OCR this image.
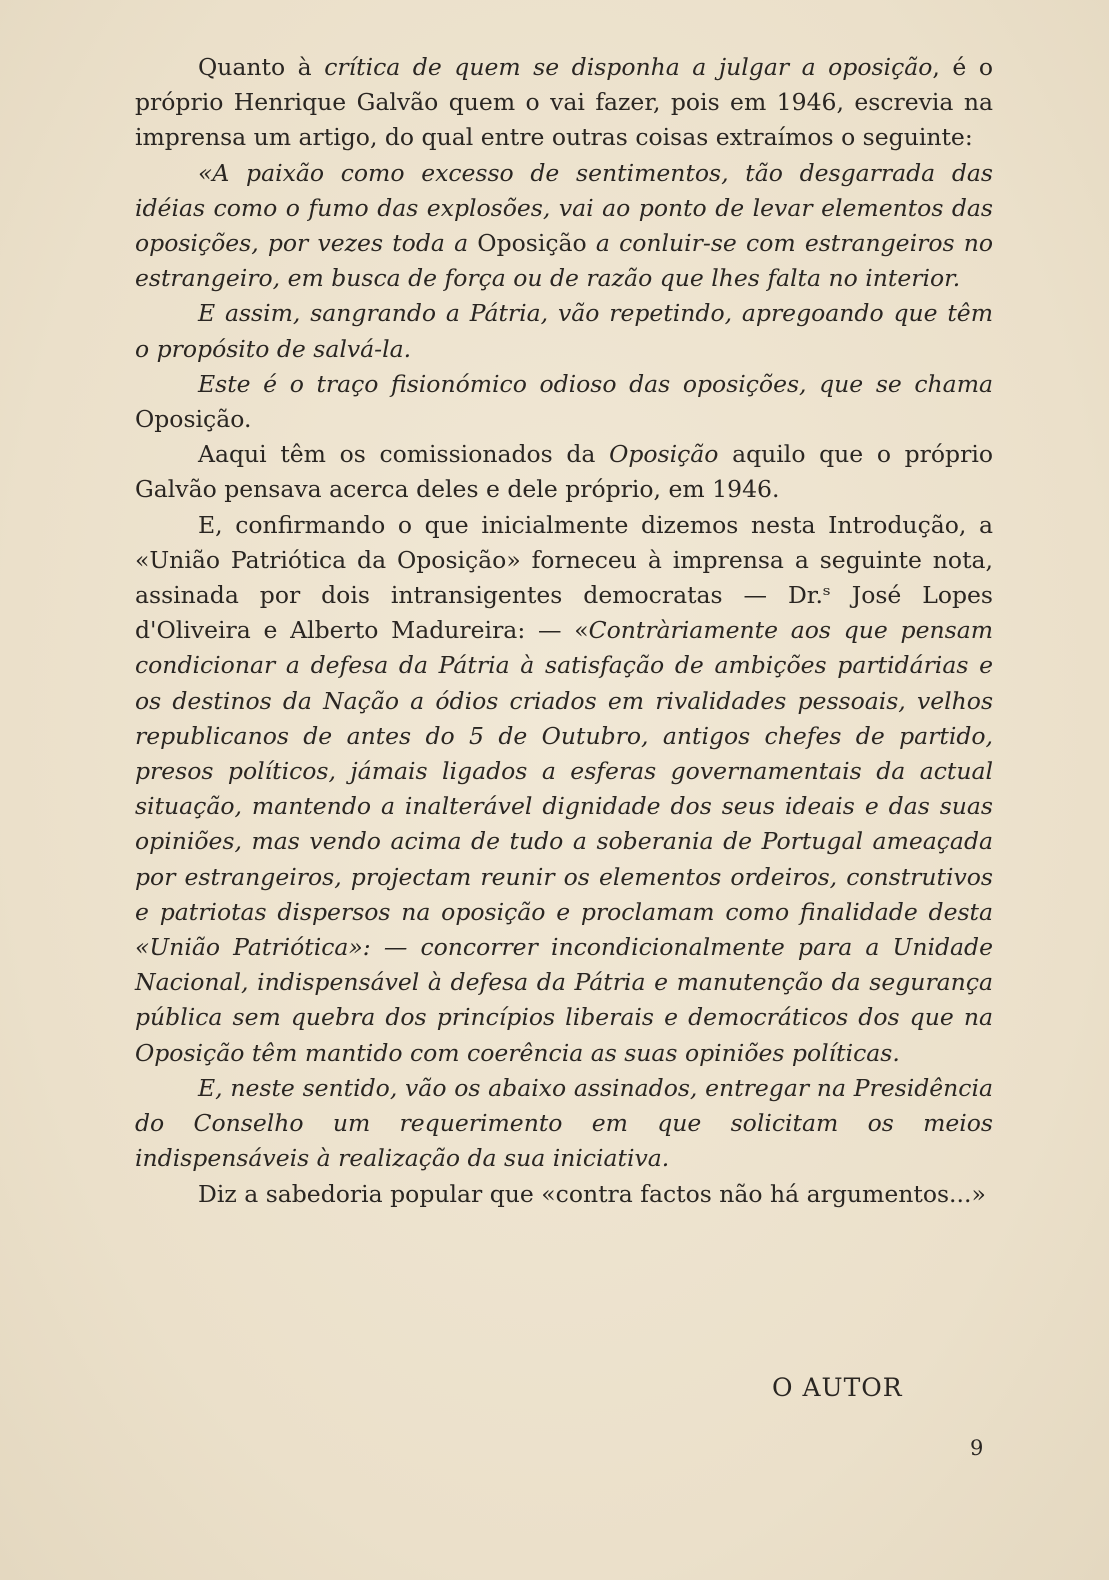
Quanto à crítica de quem se disponha a julgar a oposição, é o próprio Henrique Galvão quem o vai fazer, pois em 1946, escrevia na imprensa um artigo, do qual entre outras coisas extraímos o seguinte:

«A paixão como excesso de sentimentos, tão desgarrada das idéias como o fumo das explosões, vai ao ponto de levar elementos das oposições, por vezes toda a Oposição a conluir-se com estrangeiros no estrangeiro, em busca de força ou de razão que lhes falta no interior.

E assim, sangrando a Pátria, vão repetindo, apregoando que têm o propósito de salvá-la.

Este é o traço fisionómico odioso das oposições, que se chama Oposição.

Aaqui têm os comissionados da Oposição aquilo que o próprio Galvão pensava acerca deles e dele próprio, em 1946.

E, confirmando o que inicialmente dizemos nesta Introdução, a «União Patriótica da Oposição» forneceu à imprensa a seguinte nota, assinada por dois intransigentes democratas — Dr.ˢ José Lopes d'Oliveira e Alberto Madureira: — «Contràriamente aos que pensam condicionar a defesa da Pátria à satisfação de ambições partidárias e os destinos da Nação a ódios criados em rivalidades pessoais, velhos republicanos de antes do 5 de Outubro, antigos chefes de partido, presos políticos, jámais ligados a esferas governamentais da actual situação, mantendo a inalterável dignidade dos seus ideais e das suas opiniões, mas vendo acima de tudo a soberania de Portugal ameaçada por estrangeiros, projectam reunir os elementos ordeiros, construtivos e patriotas dispersos na oposição e proclamam como finalidade desta «União Patriótica»: — concorrer incondicionalmente para a Unidade Nacional, indispensável à defesa da Pátria e manutenção da segurança pública sem quebra dos princípios liberais e democráticos dos que na Oposição têm mantido com coerência as suas opiniões políticas.

E, neste sentido, vão os abaixo assinados, entregar na Presidência do Conselho um requerimento em que solicitam os meios indispensáveis à realização da sua iniciativa.

Diz a sabedoria popular que «contra factos não há argumentos...»

O AUTOR
9
